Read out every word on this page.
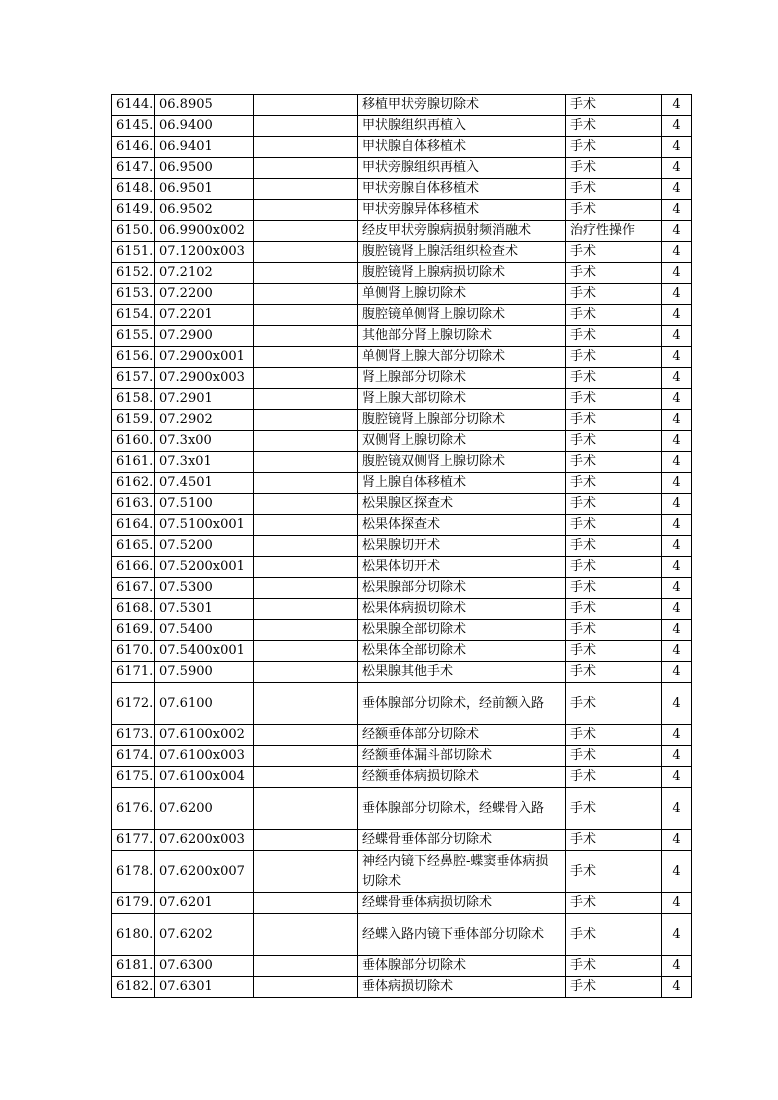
6144.	06.8905		移植甲状旁腺切除术	手术	4
6145.	06.9400		甲状腺组织再植入	手术	4
6146.	06.9401		甲状腺自体移植术	手术	4
6147.	06.9500		甲状旁腺组织再植入	手术	4
6148.	06.9501		甲状旁腺自体移植术	手术	4
6149.	06.9502		甲状旁腺异体移植术	手术	4
6150.	06.9900x002		经皮甲状旁腺病损射频消融术	治疗性操作	4
6151.	07.1200x003		腹腔镜肾上腺活组织检查术	手术	4
6152.	07.2102		腹腔镜肾上腺病损切除术	手术	4
6153.	07.2200		单侧肾上腺切除术	手术	4
6154.	07.2201		腹腔镜单侧肾上腺切除术	手术	4
6155.	07.2900		其他部分肾上腺切除术	手术	4
6156.	07.2900x001		单侧肾上腺大部分切除术	手术	4
6157.	07.2900x003		肾上腺部分切除术	手术	4
6158.	07.2901		肾上腺大部切除术	手术	4
6159.	07.2902		腹腔镜肾上腺部分切除术	手术	4
6160.	07.3x00		双侧肾上腺切除术	手术	4
6161.	07.3x01		腹腔镜双侧肾上腺切除术	手术	4
6162.	07.4501		肾上腺自体移植术	手术	4
6163.	07.5100		松果腺区探查术	手术	4
6164.	07.5100x001		松果体探查术	手术	4
6165.	07.5200		松果腺切开术	手术	4
6166.	07.5200x001		松果体切开术	手术	4
6167.	07.5300		松果腺部分切除术	手术	4
6168.	07.5301		松果体病损切除术	手术	4
6169.	07.5400		松果腺全部切除术	手术	4
6170.	07.5400x001		松果体全部切除术	手术	4
6171.	07.5900		松果腺其他手术	手术	4
6172.	07.6100		垂体腺部分切除术，经前额入路	手术	4
6173.	07.6100x002		经额垂体部分切除术	手术	4
6174.	07.6100x003		经额垂体漏斗部切除术	手术	4
6175.	07.6100x004		经额垂体病损切除术	手术	4
6176.	07.6200		垂体腺部分切除术，经蝶骨入路	手术	4
6177.	07.6200x003		经蝶骨垂体部分切除术	手术	4
6178.	07.6200x007		神经内镜下经鼻腔-蝶窦垂体病损切除术	手术	4
6179.	07.6201		经蝶骨垂体病损切除术	手术	4
6180.	07.6202		经蝶入路内镜下垂体部分切除术	手术	4
6181.	07.6300		垂体腺部分切除术	手术	4
6182.	07.6301		垂体病损切除术	手术	4
